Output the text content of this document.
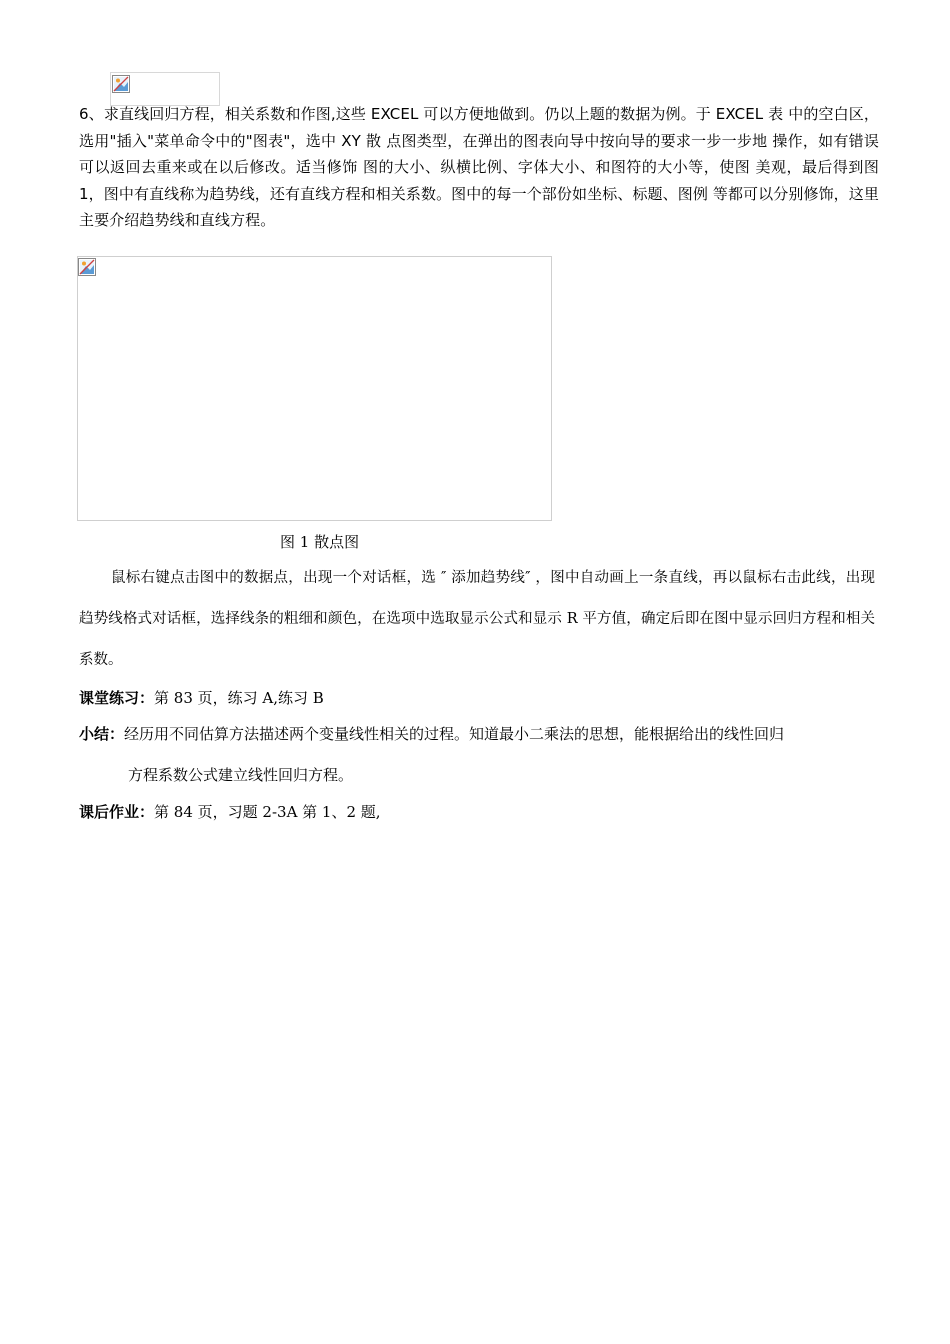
6、求直线回归方程，相关系数和作图,这些 EXCEL 可以方便地做到。仍以上题的数据为例。于 EXCEL 表 中的空白区，选用"插入"菜单命令中的"图表"，选中 XY 散 点图类型，在弹出的图表向导中按向导的要求一步一步地 操作，如有错误可以返回去重来或在以后修改。适当修饰 图的大小、纵横比例、字体大小、和图符的大小等，使图 美观，最后得到图 1，图中有直线称为趋势线，还有直线方程和相关系数。图中的每一个部份如坐标、标题、图例 等都可以分别修饰，这里主要介绍趋势线和直线方程。
图 1 散点图
鼠标右键点击图中的数据点，出现一个对话框，选 ″ 添加趋势线″ ，图中自动画上一条直线，再以鼠标右击此线，出现趋势线格式对话框，选择线条的粗细和颜色，在选项中选取显示公式和显示 R 平方值，确定后即在图中显示回归方程和相关系数。
课堂练习：第 83 页，练习 A,练习 B
小结：经历用不同估算方法描述两个变量线性相关的过程。知道最小二乘法的思想，能根据给出的线性回归
方程系数公式建立线性回归方程。
课后作业：第 84 页，习题 2-3A 第 1、2 题,
